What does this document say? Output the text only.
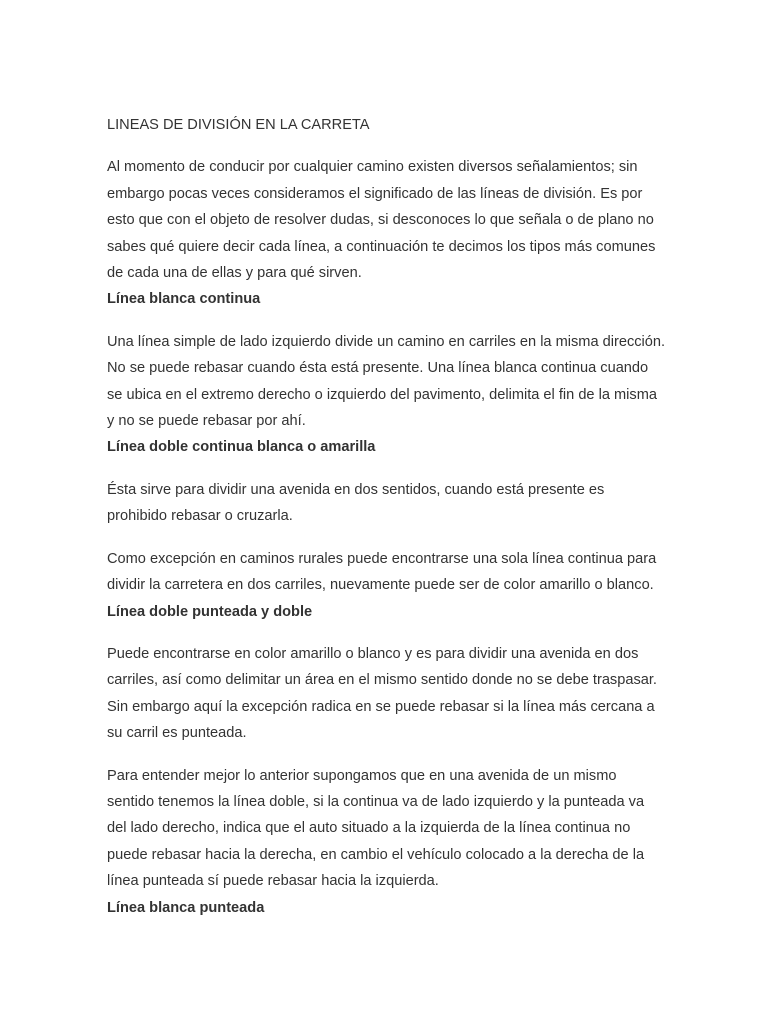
LINEAS DE DIVISIÓN EN LA CARRETA

Al momento de conducir por cualquier camino existen diversos señalamientos; sin embargo pocas veces consideramos el significado de las líneas de división. Es por esto que con el objeto de resolver dudas, si desconoces lo que señala o de plano no sabes qué quiere decir cada línea, a continuación te decimos los tipos más comunes de cada una de ellas y para qué sirven.

Línea blanca continua

Una línea simple de lado izquierdo divide un camino en carriles en la misma dirección. No se puede rebasar cuando ésta está presente. Una línea blanca continua cuando se ubica en el extremo derecho o izquierdo del pavimento, delimita el fin de la misma y no se puede rebasar por ahí.

Línea doble continua blanca o amarilla

Ésta sirve para dividir una avenida en dos sentidos, cuando está presente es prohibido rebasar o cruzarla.

Como excepción en caminos rurales puede encontrarse una sola línea continua para dividir la carretera en dos carriles, nuevamente puede ser de color amarillo o blanco.

Línea doble punteada y doble

Puede encontrarse en color amarillo o blanco y es para dividir una avenida en dos carriles, así como delimitar un área en el mismo sentido donde no se debe traspasar. Sin embargo aquí la excepción radica en se puede rebasar si la línea más cercana a su carril es punteada.

Para entender mejor lo anterior supongamos que en una avenida de un mismo sentido tenemos la línea doble, si la continua va de lado izquierdo y la punteada va del lado derecho, indica que el auto situado a la izquierda de la línea continua no puede rebasar hacia la derecha, en cambio el vehículo colocado a la derecha de la línea punteada sí puede rebasar hacia la izquierda.

Línea blanca punteada
